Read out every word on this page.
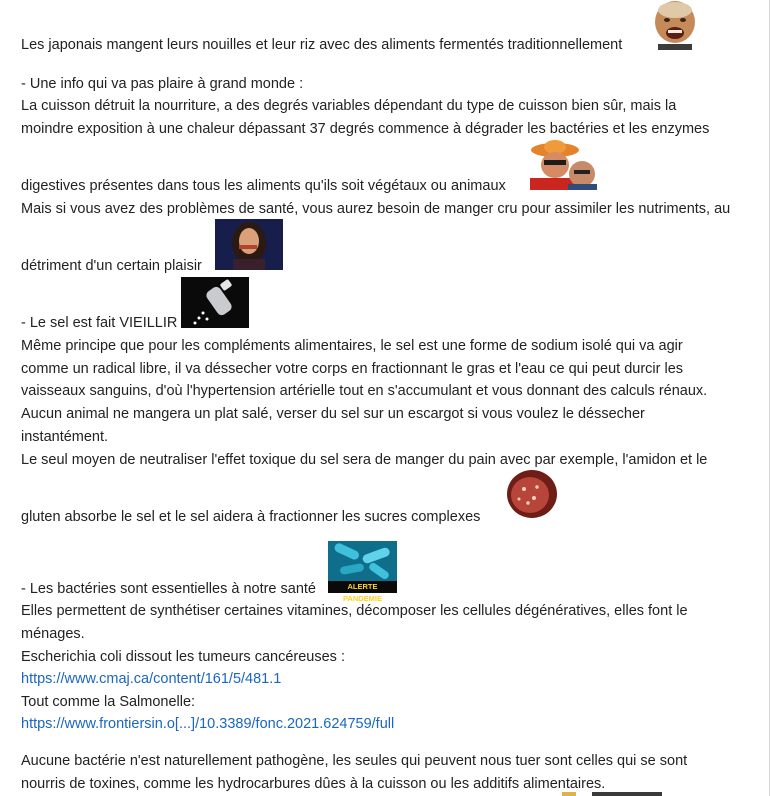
Les japonais mangent leurs nouilles et leur riz avec des aliments fermentés traditionnellement
- Une info qui va pas plaire à grand monde :
La cuisson détruit la nourriture, a des degrés variables dépendant du type de cuisson bien sûr, mais la
moindre exposition à une chaleur dépassant 37 degrés commence à dégrader les bactéries et les enzymes
digestives présentes dans tous les aliments qu'ils soit végétaux ou animaux
Mais si vous avez des problèmes de santé, vous aurez besoin de manger cru pour assimiler les nutriments, au
détriment d'un certain plaisir
- Le sel est fait VIEILLIR
Même principe que pour les compléments alimentaires, le sel est une forme de sodium isolé qui va agir
comme un radical libre, il va déssecher votre corps en fractionnant le gras et l'eau ce qui peut durcir les
vaisseaux sanguins, d'où l'hypertension artérielle tout en s'accumulant et vous donnant des calculs rénaux.
Aucun animal ne mangera un plat salé, verser du sel sur un escargot si vous voulez le déssecher
instantément.
Le seul moyen de neutraliser l'effet toxique du sel sera de manger du pain avec par exemple, l'amidon et le
gluten absorbe le sel et le sel aidera à fractionner les sucres complexes
- Les bactéries sont essentielles à notre santé	ALERTE PANDEMIE
Elles permettent de synthétiser certaines vitamines, décomposer les cellules dégénératives, elles font le
ménages.
Escherichia coli dissout les tumeurs cancéreuses :
https://www.cmaj.ca/content/161/5/481.1
Tout comme la Salmonelle:
https://www.frontiersin.o[...]/10.3389/fonc.2021.624759/full
Aucune bactérie n'est naturellement pathogène, les seules qui peuvent nous tuer sont celles qui se sont
nourris de toxines, comme les hydrocarbures dûes à la cuisson ou les additifs alimentaires.
